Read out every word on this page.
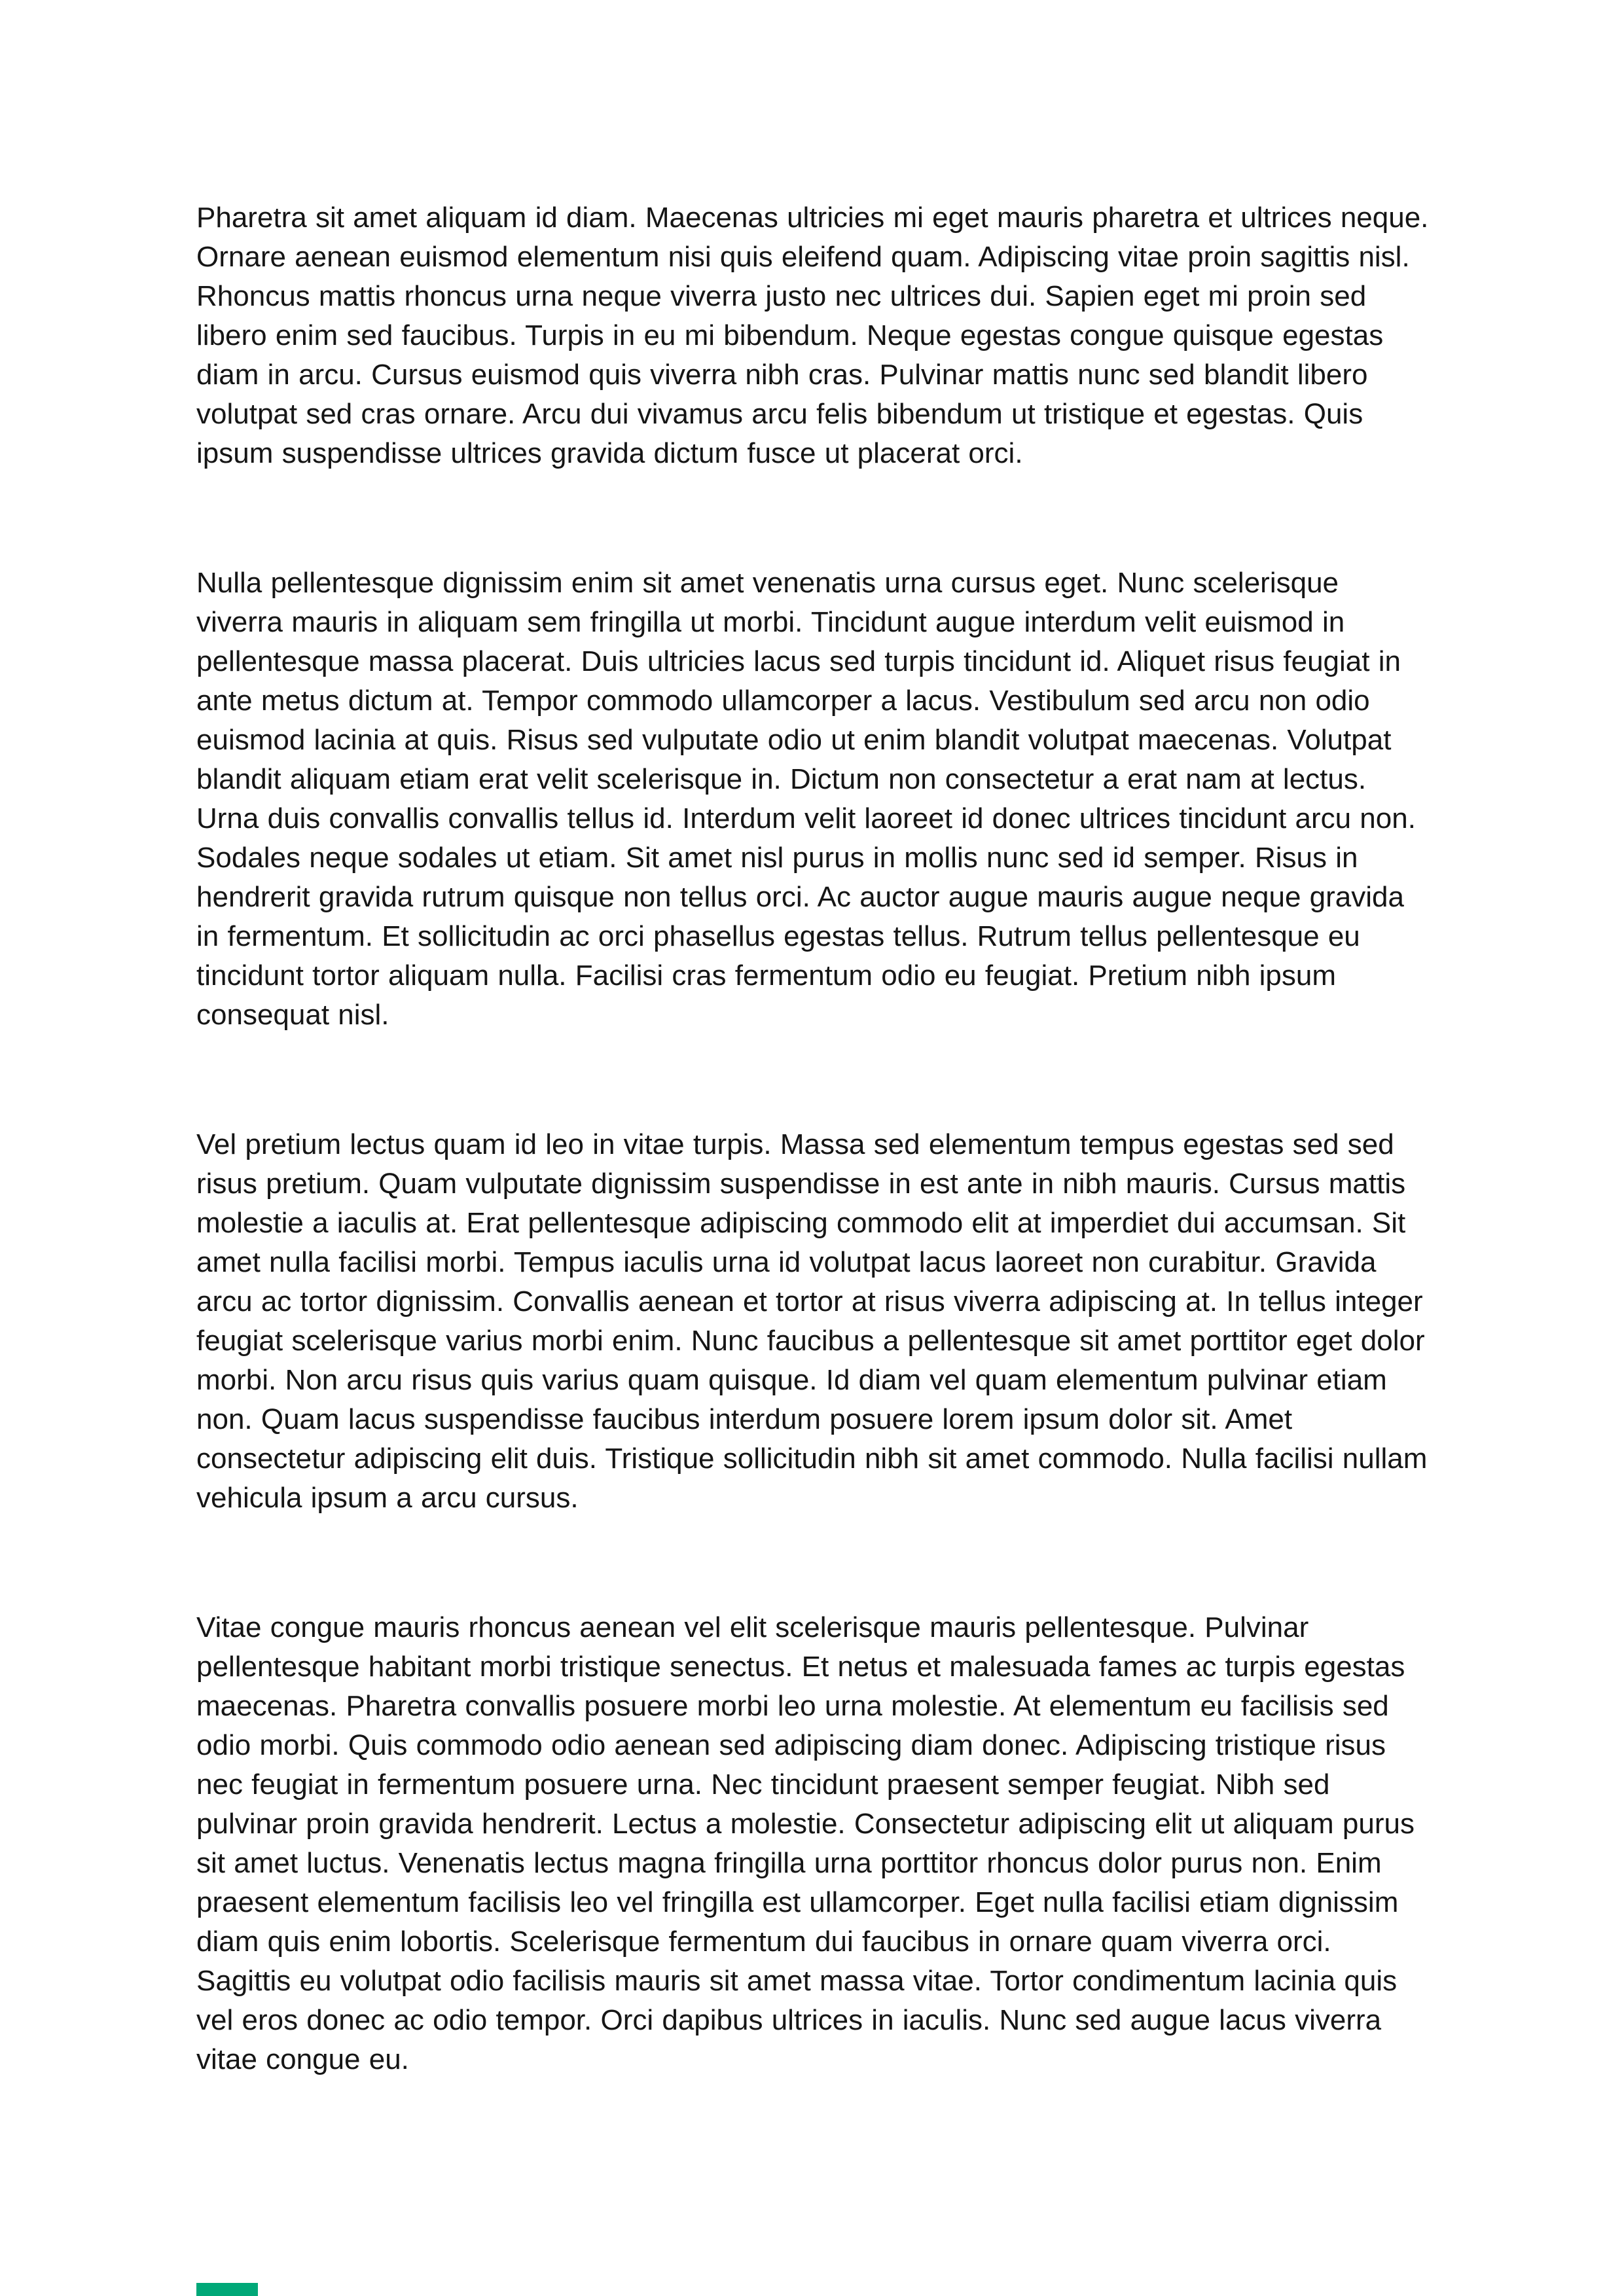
Pharetra sit amet aliquam id diam. Maecenas ultricies mi eget mauris pharetra et ultrices neque. Ornare aenean euismod elementum nisi quis eleifend quam. Adipiscing vitae proin sagittis nisl. Rhoncus mattis rhoncus urna neque viverra justo nec ultrices dui. Sapien eget mi proin sed libero enim sed faucibus. Turpis in eu mi bibendum. Neque egestas congue quisque egestas diam in arcu. Cursus euismod quis viverra nibh cras. Pulvinar mattis nunc sed blandit libero volutpat sed cras ornare. Arcu dui vivamus arcu felis bibendum ut tristique et egestas. Quis ipsum suspendisse ultrices gravida dictum fusce ut placerat orci.

Nulla pellentesque dignissim enim sit amet venenatis urna cursus eget. Nunc scelerisque viverra mauris in aliquam sem fringilla ut morbi. Tincidunt augue interdum velit euismod in pellentesque massa placerat. Duis ultricies lacus sed turpis tincidunt id. Aliquet risus feugiat in ante metus dictum at. Tempor commodo ullamcorper a lacus. Vestibulum sed arcu non odio euismod lacinia at quis. Risus sed vulputate odio ut enim blandit volutpat maecenas. Volutpat blandit aliquam etiam erat velit scelerisque in. Dictum non consectetur a erat nam at lectus. Urna duis convallis convallis tellus id. Interdum velit laoreet id donec ultrices tincidunt arcu non. Sodales neque sodales ut etiam. Sit amet nisl purus in mollis nunc sed id semper. Risus in hendrerit gravida rutrum quisque non tellus orci. Ac auctor augue mauris augue neque gravida in fermentum. Et sollicitudin ac orci phasellus egestas tellus. Rutrum tellus pellentesque eu tincidunt tortor aliquam nulla. Facilisi cras fermentum odio eu feugiat. Pretium nibh ipsum consequat nisl.

Vel pretium lectus quam id leo in vitae turpis. Massa sed elementum tempus egestas sed sed risus pretium. Quam vulputate dignissim suspendisse in est ante in nibh mauris. Cursus mattis molestie a iaculis at. Erat pellentesque adipiscing commodo elit at imperdiet dui accumsan. Sit amet nulla facilisi morbi. Tempus iaculis urna id volutpat lacus laoreet non curabitur. Gravida arcu ac tortor dignissim. Convallis aenean et tortor at risus viverra adipiscing at. In tellus integer feugiat scelerisque varius morbi enim. Nunc faucibus a pellentesque sit amet porttitor eget dolor morbi. Non arcu risus quis varius quam quisque. Id diam vel quam elementum pulvinar etiam non. Quam lacus suspendisse faucibus interdum posuere lorem ipsum dolor sit. Amet consectetur adipiscing elit duis. Tristique sollicitudin nibh sit amet commodo. Nulla facilisi nullam vehicula ipsum a arcu cursus.

Vitae congue mauris rhoncus aenean vel elit scelerisque mauris pellentesque. Pulvinar pellentesque habitant morbi tristique senectus. Et netus et malesuada fames ac turpis egestas maecenas. Pharetra convallis posuere morbi leo urna molestie. At elementum eu facilisis sed odio morbi. Quis commodo odio aenean sed adipiscing diam donec. Adipiscing tristique risus nec feugiat in fermentum posuere urna. Nec tincidunt praesent semper feugiat. Nibh sed pulvinar proin gravida hendrerit. Lectus a molestie. Consectetur adipiscing elit ut aliquam purus sit amet luctus. Venenatis lectus magna fringilla urna porttitor rhoncus dolor purus non. Enim praesent elementum facilisis leo vel fringilla est ullamcorper. Eget nulla facilisi etiam dignissim diam quis enim lobortis. Scelerisque fermentum dui faucibus in ornare quam viverra orci. Sagittis eu volutpat odio facilisis mauris sit amet massa vitae. Tortor condimentum lacinia quis vel eros donec ac odio tempor. Orci dapibus ultrices in iaculis. Nunc sed augue lacus viverra vitae congue eu.
